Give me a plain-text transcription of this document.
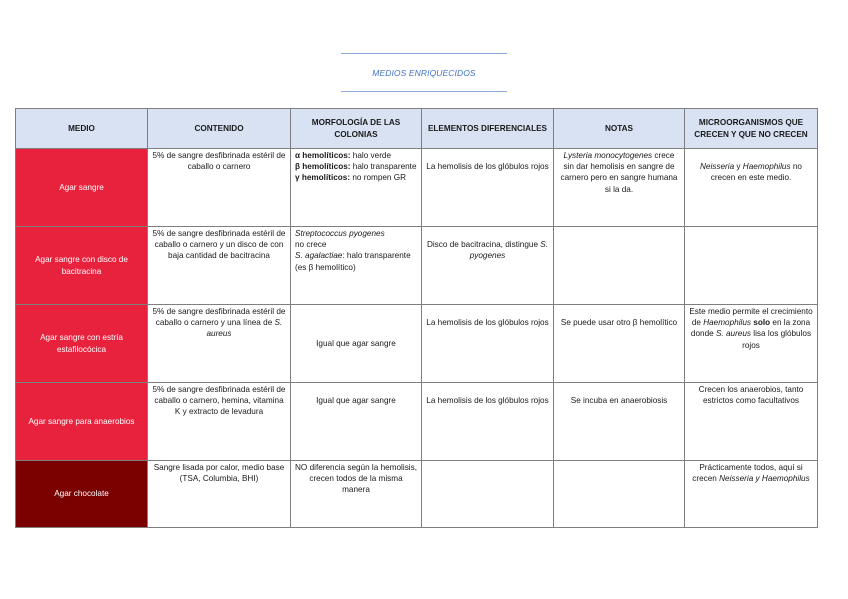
MEDIOS ENRIQUECIDOS
MEDIO	CONTENIDO	MORFOLOGÍA DE LAS COLONIAS	ELEMENTOS DIFERENCIALES	NOTAS	MICROORGANISMOS QUE CRECEN Y QUE NO CRECEN
Agar sangre	5% de sangre desfibrinada estéril de caballo o carnero	α hemolíticos: halo verde
β hemolíticos: halo transparente
γ hemolíticos: no rompen GR	La hemolisis de los glóbulos rojos	Lysteria monocytogenes crece sin dar hemolisis en sangre de carnero pero en sangre humana si la da.	Neisseria y Haemophilus no crecen en este medio.
Agar sangre con disco de bacitracina	5% de sangre desfibrinada estéril de caballo o carnero y un disco de con baja cantidad de bacitracina	Streptococcus pyogenes
no crece
S. agalactiae: halo transparente (es β hemolítico)	Disco de bacitracina, distingue S. pyogenes		
Agar sangre con estría estafilocócica	5% de sangre desfibrinada estéril de caballo o carnero y una línea de S. aureus	Igual que agar sangre	La hemolisis de los glóbulos rojos	Se puede usar otro β hemolítico	Este medio permite el crecimiento de Haemophilus solo en la zona donde S. aureus lisa los glóbulos rojos
Agar sangre para anaerobios	5% de sangre desfibrinada estéril de caballo o carnero, hemina, vitamina K y extracto de levadura	Igual que agar sangre	La hemolisis de los glóbulos rojos	Se incuba en anaerobiosis	Crecen los anaerobios, tanto estrictos como facultativos
Agar chocolate	Sangre lisada por calor, medio base (TSA, Columbia, BHI)	NO diferencia según la hemolisis, crecen todos de la misma manera			Prácticamente todos, aquí si crecen Neisseria y Haemophilus
